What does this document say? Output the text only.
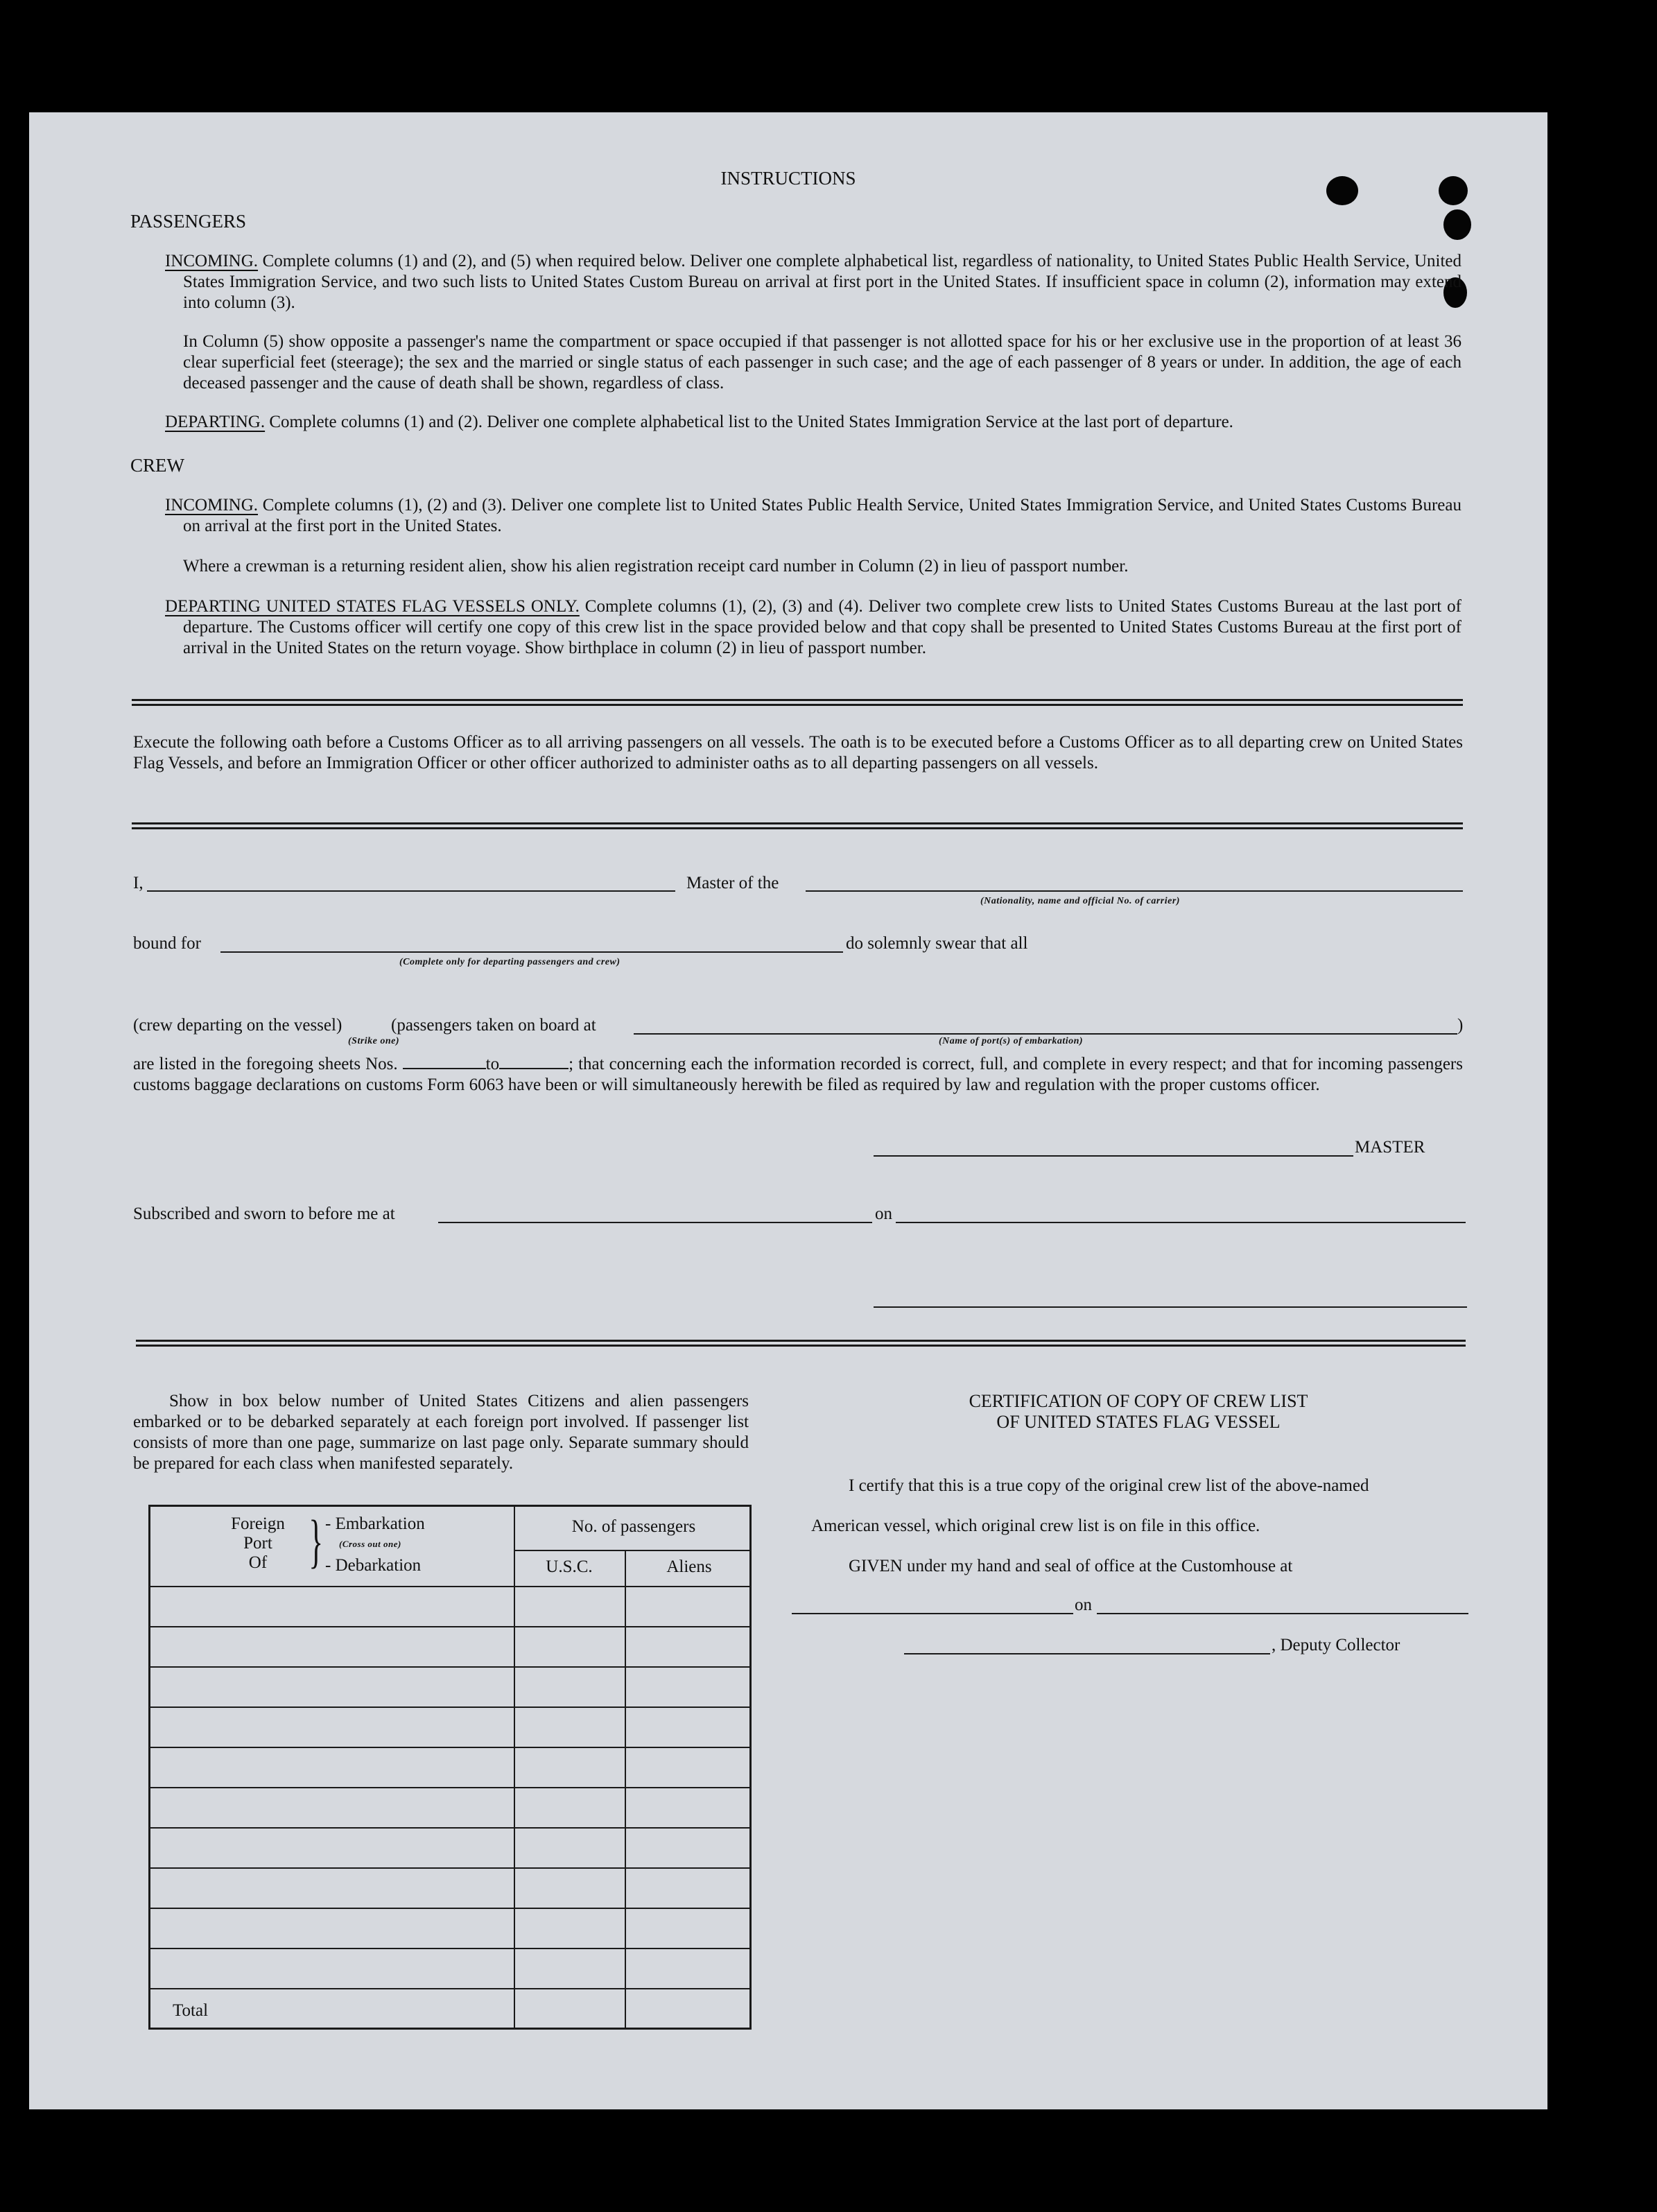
INSTRUCTIONS
PASSENGERS
INCOMING. Complete columns (1) and (2), and (5) when required below. Deliver one complete alphabetical list, regardless of nationality, to United States Public Health Service, United States Immigration Service, and two such lists to United States Custom Bureau on arrival at first port in the United States. If insufficient space in column (2), information may extend into column (3).
In Column (5) show opposite a passenger's name the compartment or space occupied if that passenger is not allotted space for his or her exclusive use in the proportion of at least 36 clear superficial feet (steerage); the sex and the married or single status of each passenger in such case; and the age of each passenger of 8 years or under. In addition, the age of each deceased passenger and the cause of death shall be shown, regardless of class.
DEPARTING. Complete columns (1) and (2). Deliver one complete alphabetical list to the United States Immigration Service at the last port of departure.
CREW
INCOMING. Complete columns (1), (2) and (3). Deliver one complete list to United States Public Health Service, United States Immigration Service, and United States Customs Bureau on arrival at the first port in the United States.
Where a crewman is a returning resident alien, show his alien registration receipt card number in Column (2) in lieu of passport number.
DEPARTING UNITED STATES FLAG VESSELS ONLY. Complete columns (1), (2), (3) and (4). Deliver two complete crew lists to United States Customs Bureau at the last port of departure. The Customs officer will certify one copy of this crew list in the space provided below and that copy shall be presented to United States Customs Bureau at the first port of arrival in the United States on the return voyage. Show birthplace in column (2) in lieu of passport number.
Execute the following oath before a Customs Officer as to all arriving passengers on all vessels. The oath is to be executed before a Customs Officer as to all departing crew on United States Flag Vessels, and before an Immigration Officer or other officer authorized to administer oaths as to all departing passengers on all vessels.
I,	Master of the
(Nationality, name and official No. of carrier)
bound for	do solemnly swear that all
(Complete only for departing passengers and crew)
(crew departing on the vessel)	(passengers taken on board at	)
(Strike one)	(Name of port(s) of embarkation)
are listed in the foregoing sheets Nos.	to	; that concerning each the information recorded is correct, full, and complete in every respect; and that for incoming passengers customs baggage declarations on customs Form 6063 have been or will simultaneously herewith be filed as required by law and regulation with the proper customs officer.
MASTER
Subscribed and sworn to before me at	on
Show in box below number of United States Citizens and alien passengers embarked or to be debarked separately at each foreign port involved. If passenger list consists of more than one page, summarize on last page only. Separate summary should be prepared for each class when manifested separately.
Foreign
Port
Of } - Embarkation
(Cross out one)
- Debarkation
No. of passengers
U.S.C.	Aliens
Total
CERTIFICATION OF COPY OF CREW LIST
OF UNITED STATES FLAG VESSEL
I certify that this is a true copy of the original crew list of the above-named
American vessel, which original crew list is on file in this office.
GIVEN under my hand and seal of office at the Customhouse at
on
, Deputy Collector
